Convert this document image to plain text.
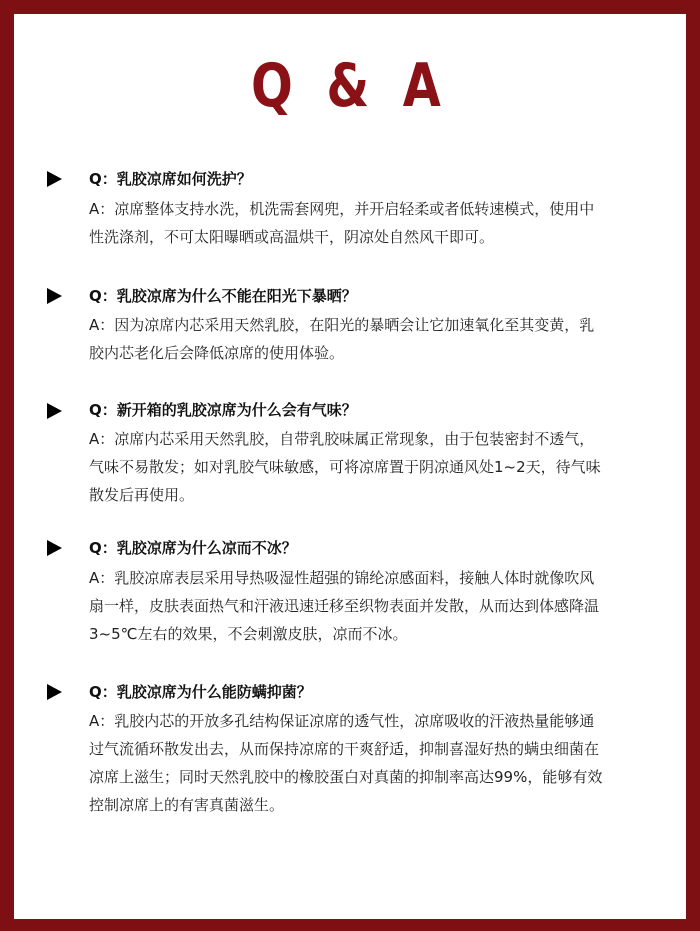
Q & A
Q：乳胶凉席如何洗护？
A：凉席整体支持水洗，机洗需套网兜，并开启轻柔或者低转速模式，使用中
性洗涤剂，不可太阳曝晒或高温烘干，阴凉处自然风干即可。
Q：乳胶凉席为什么不能在阳光下暴晒？
A：因为凉席内芯采用天然乳胶，在阳光的暴晒会让它加速氧化至其变黄，乳
胶内芯老化后会降低凉席的使用体验。
Q：新开箱的乳胶凉席为什么会有气味？
A：凉席内芯采用天然乳胶，自带乳胶味属正常现象，由于包装密封不透气，
气味不易散发；如对乳胶气味敏感，可将凉席置于阴凉通风处1~2天，待气味
散发后再使用。
Q：乳胶凉席为什么凉而不冰？
A：乳胶凉席表层采用导热吸湿性超强的锦纶凉感面料，接触人体时就像吹风
扇一样，皮肤表面热气和汗液迅速迁移至织物表面并发散，从而达到体感降温
3~5℃左右的效果，不会刺激皮肤，凉而不冰。
Q：乳胶凉席为什么能防螨抑菌？
A：乳胶内芯的开放多孔结构保证凉席的透气性，凉席吸收的汗液热量能够通
过气流循环散发出去，从而保持凉席的干爽舒适，抑制喜湿好热的螨虫细菌在
凉席上滋生；同时天然乳胶中的橡胶蛋白对真菌的抑制率高达99%，能够有效
控制凉席上的有害真菌滋生。
